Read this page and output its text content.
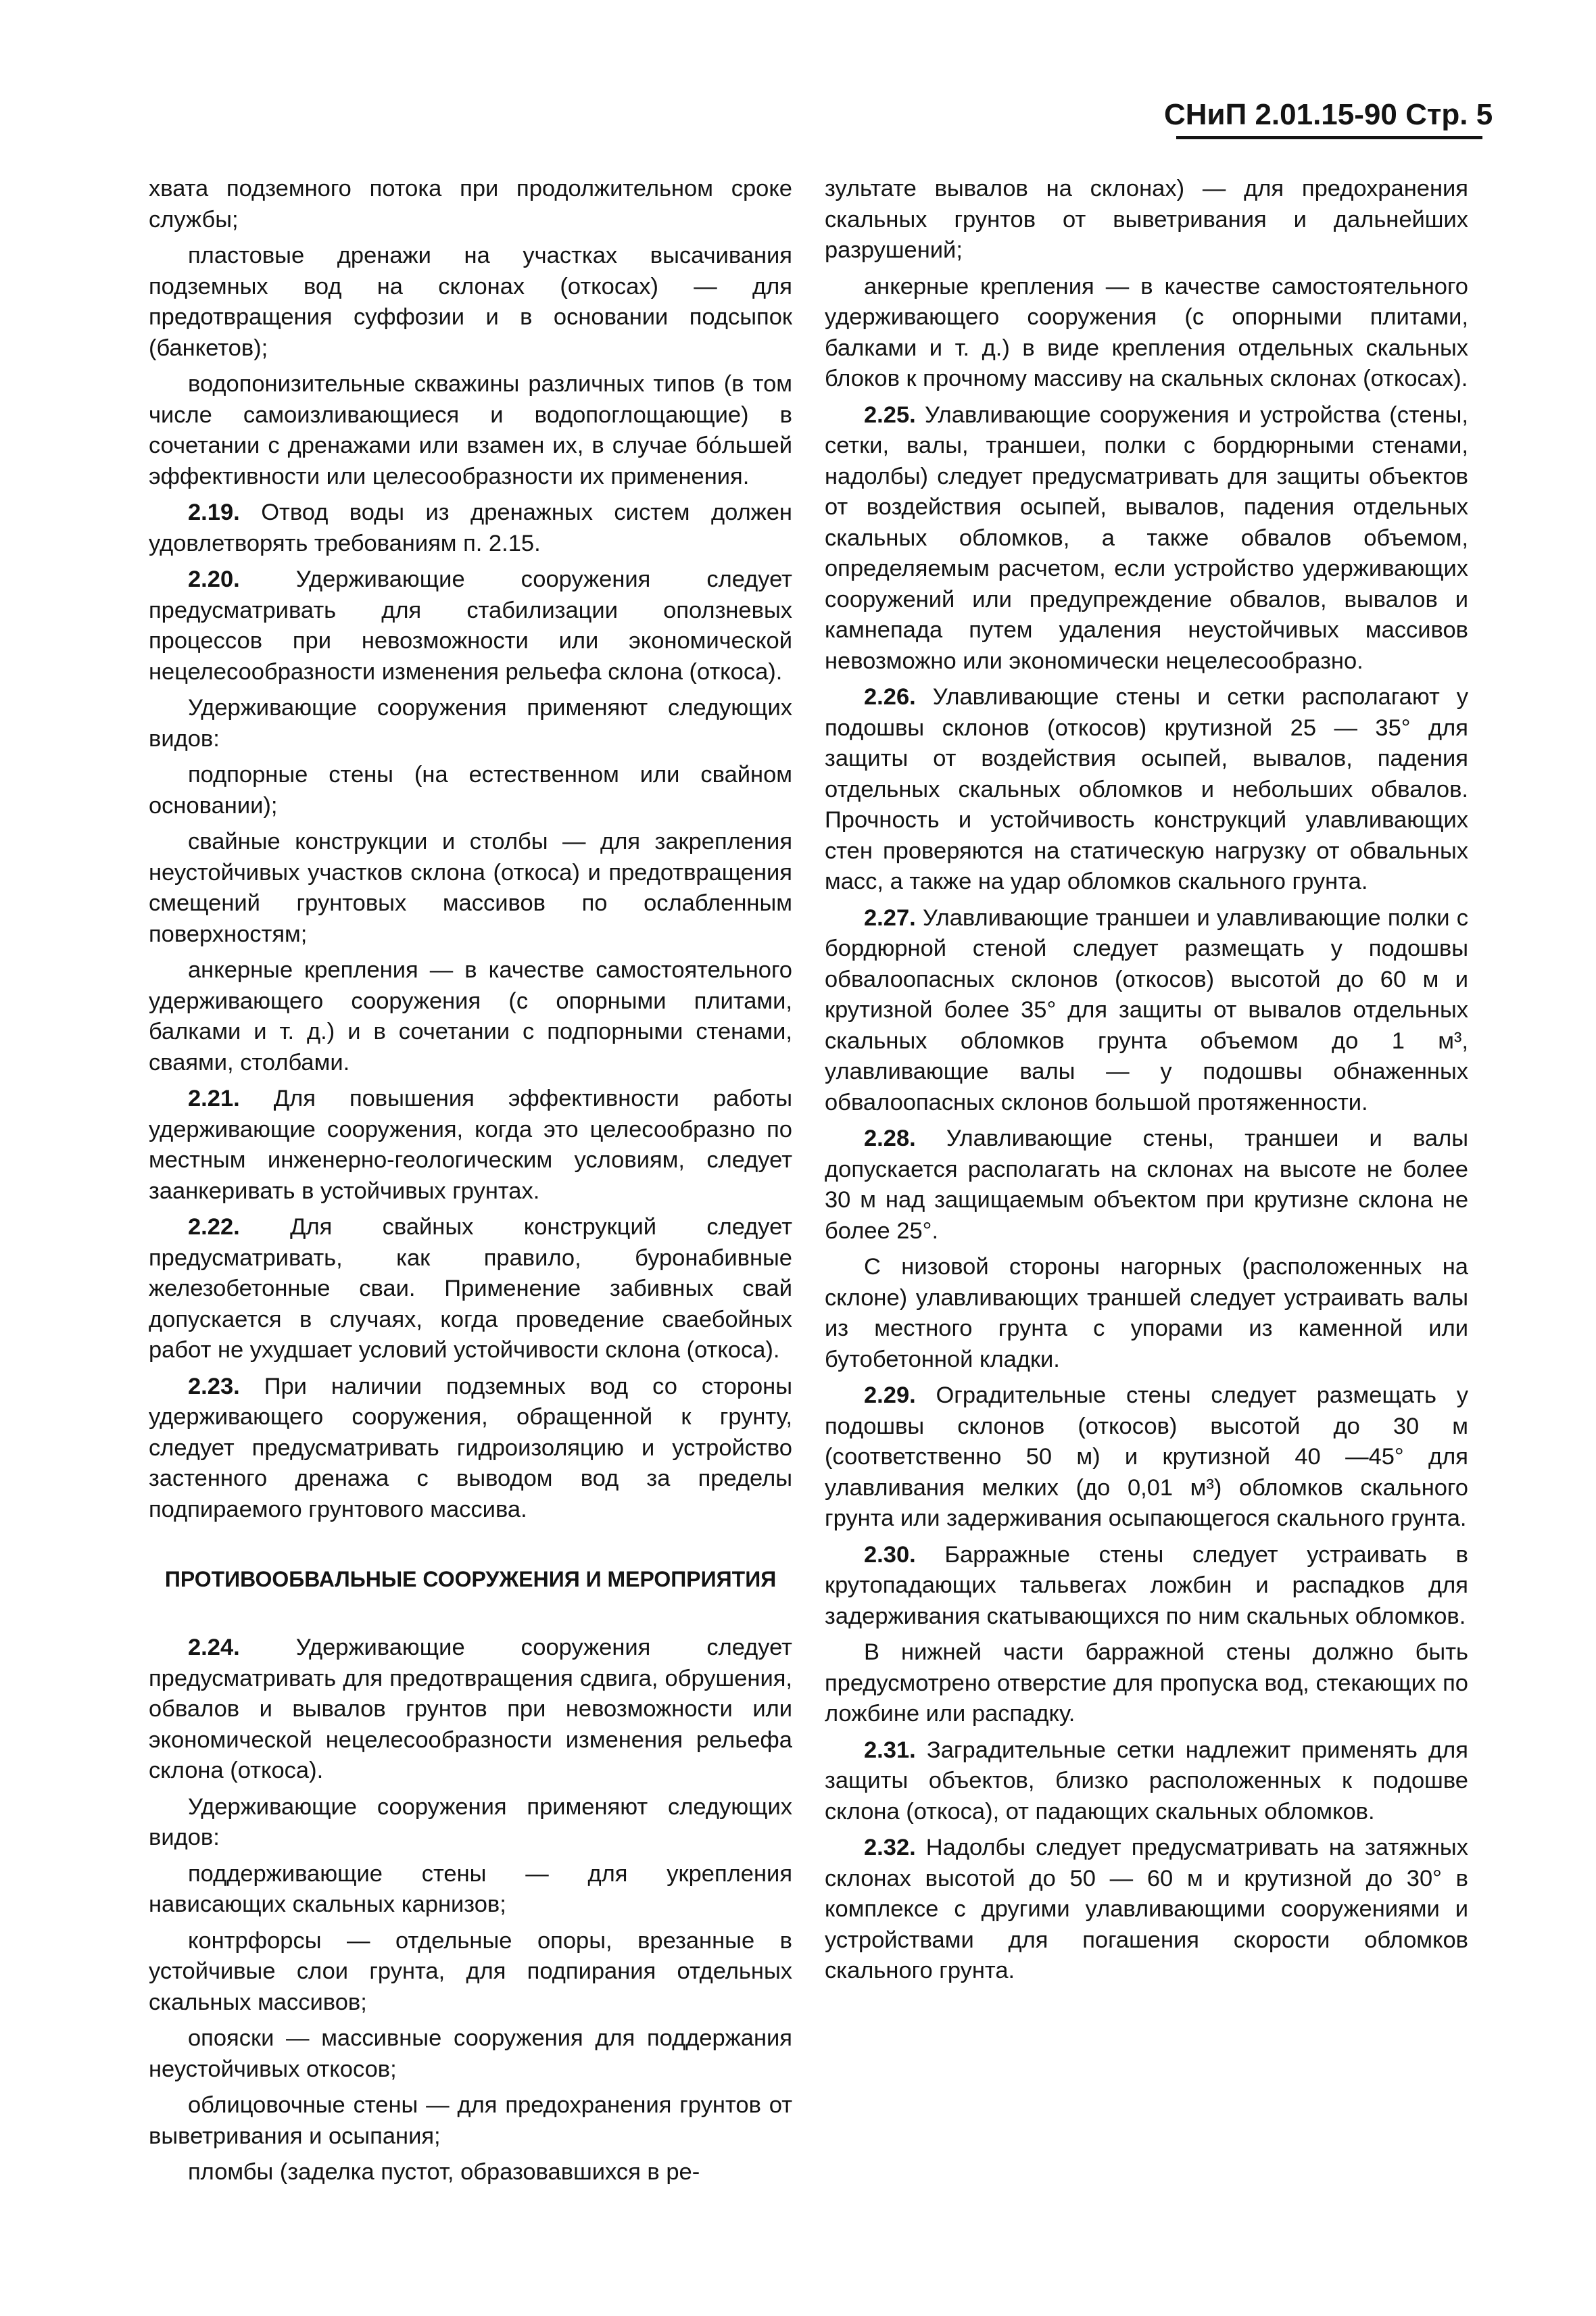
СНиП 2.01.15-90 Стр. 5
хвата подземного потока при продолжительном сроке службы;
пластовые дренажи на участках высачивания подземных вод на склонах (откосах) — для предотвращения суффозии и в основании подсыпок (банкетов);
водопонизительные скважины различных типов (в том числе самоизливающиеся и водопоглощающие) в сочетании с дренажами или взамен их, в случае бо́льшей эффективности или целесообразности их применения.
2.19. Отвод воды из дренажных систем должен удовлетворять требованиям п. 2.15.
2.20. Удерживающие сооружения следует предусматривать для стабилизации оползневых процессов при невозможности или экономической нецелесообразности изменения рельефа склона (откоса).
Удерживающие сооружения применяют следующих видов:
подпорные стены (на естественном или свайном основании);
свайные конструкции и столбы — для закрепления неустойчивых участков склона (откоса) и предотвращения смещений грунтовых массивов по ослабленным поверхностям;
анкерные крепления — в качестве самостоятельного удерживающего сооружения (с опорными плитами, балками и т. д.) и в сочетании с подпорными стенами, сваями, столбами.
2.21. Для повышения эффективности работы удерживающие сооружения, когда это целесообразно по местным инженерно-геологическим условиям, следует заанкеривать в устойчивых грунтах.
2.22. Для свайных конструкций следует предусматривать, как правило, буронабивные железобетонные сваи. Применение забивных свай допускается в случаях, когда проведение сваебойных работ не ухудшает условий устойчивости склона (откоса).
2.23. При наличии подземных вод со стороны удерживающего сооружения, обращенной к грунту, следует предусматривать гидроизоляцию и устройство застенного дренажа с выводом вод за пределы подпираемого грунтового массива.
ПРОТИВООБВАЛЬНЫЕ СООРУЖЕНИЯ И МЕРОПРИЯТИЯ
2.24. Удерживающие сооружения следует предусматривать для предотвращения сдвига, обрушения, обвалов и вывалов грунтов при невозможности или экономической нецелесообразности изменения рельефа склона (откоса).
Удерживающие сооружения применяют следующих видов:
поддерживающие стены — для укрепления нависающих скальных карнизов;
контрфорсы — отдельные опоры, врезанные в устойчивые слои грунта, для подпирания отдельных скальных массивов;
опояски — массивные сооружения для поддержания неустойчивых откосов;
облицовочные стены — для предохранения грунтов от выветривания и осыпания;
пломбы (заделка пустот, образовавшихся в ре-
зультате вывалов на склонах) — для предохранения скальных грунтов от выветривания и дальнейших разрушений;
анкерные крепления — в качестве самостоятельного удерживающего сооружения (с опорными плитами, балками и т. д.) в виде крепления отдельных скальных блоков к прочному массиву на скальных склонах (откосах).
2.25. Улавливающие сооружения и устройства (стены, сетки, валы, траншеи, полки с бордюрными стенами, надолбы) следует предусматривать для защиты объектов от воздействия осыпей, вывалов, падения отдельных скальных обломков, а также обвалов объемом, определяемым расчетом, если устройство удерживающих сооружений или предупреждение обвалов, вывалов и камнепада путем удаления неустойчивых массивов невозможно или экономически нецелесообразно.
2.26. Улавливающие стены и сетки располагают у подошвы склонов (откосов) крутизной 25 — 35° для защиты от воздействия осыпей, вывалов, падения отдельных скальных обломков и небольших обвалов. Прочность и устойчивость конструкций улавливающих стен проверяются на статическую нагрузку от обвальных масс, а также на удар обломков скального грунта.
2.27. Улавливающие траншеи и улавливающие полки с бордюрной стеной следует размещать у подошвы обвалоопасных склонов (откосов) высотой до 60 м и крутизной более 35° для защиты от вывалов отдельных скальных обломков грунта объемом до 1 м³, улавливающие валы — у подошвы обнаженных обвалоопасных склонов большой протяженности.
2.28. Улавливающие стены, траншеи и валы допускается располагать на склонах на высоте не более 30 м над защищаемым объектом при крутизне склона не более 25°.
С низовой стороны нагорных (расположенных на склоне) улавливающих траншей следует устраивать валы из местного грунта с упорами из каменной или бутобетонной кладки.
2.29. Оградительные стены следует размещать у подошвы склонов (откосов) высотой до 30 м (соответственно 50 м) и крутизной 40 —45° для улавливания мелких (до 0,01 м³) обломков скального грунта или задерживания осыпающегося скального грунта.
2.30. Барражные стены следует устраивать в крутопадающих тальвегах ложбин и распадков для задерживания скатывающихся по ним скальных обломков.
В нижней части барражной стены должно быть предусмотрено отверстие для пропуска вод, стекающих по ложбине или распадку.
2.31. Заградительные сетки надлежит применять для защиты объектов, близко расположенных к подошве склона (откоса), от падающих скальных обломков.
2.32. Надолбы следует предусматривать на затяжных склонах высотой до 50 — 60 м и крутизной до 30° в комплексе с другими улавливающими сооружениями и устройствами для погашения скорости обломков скального грунта.
